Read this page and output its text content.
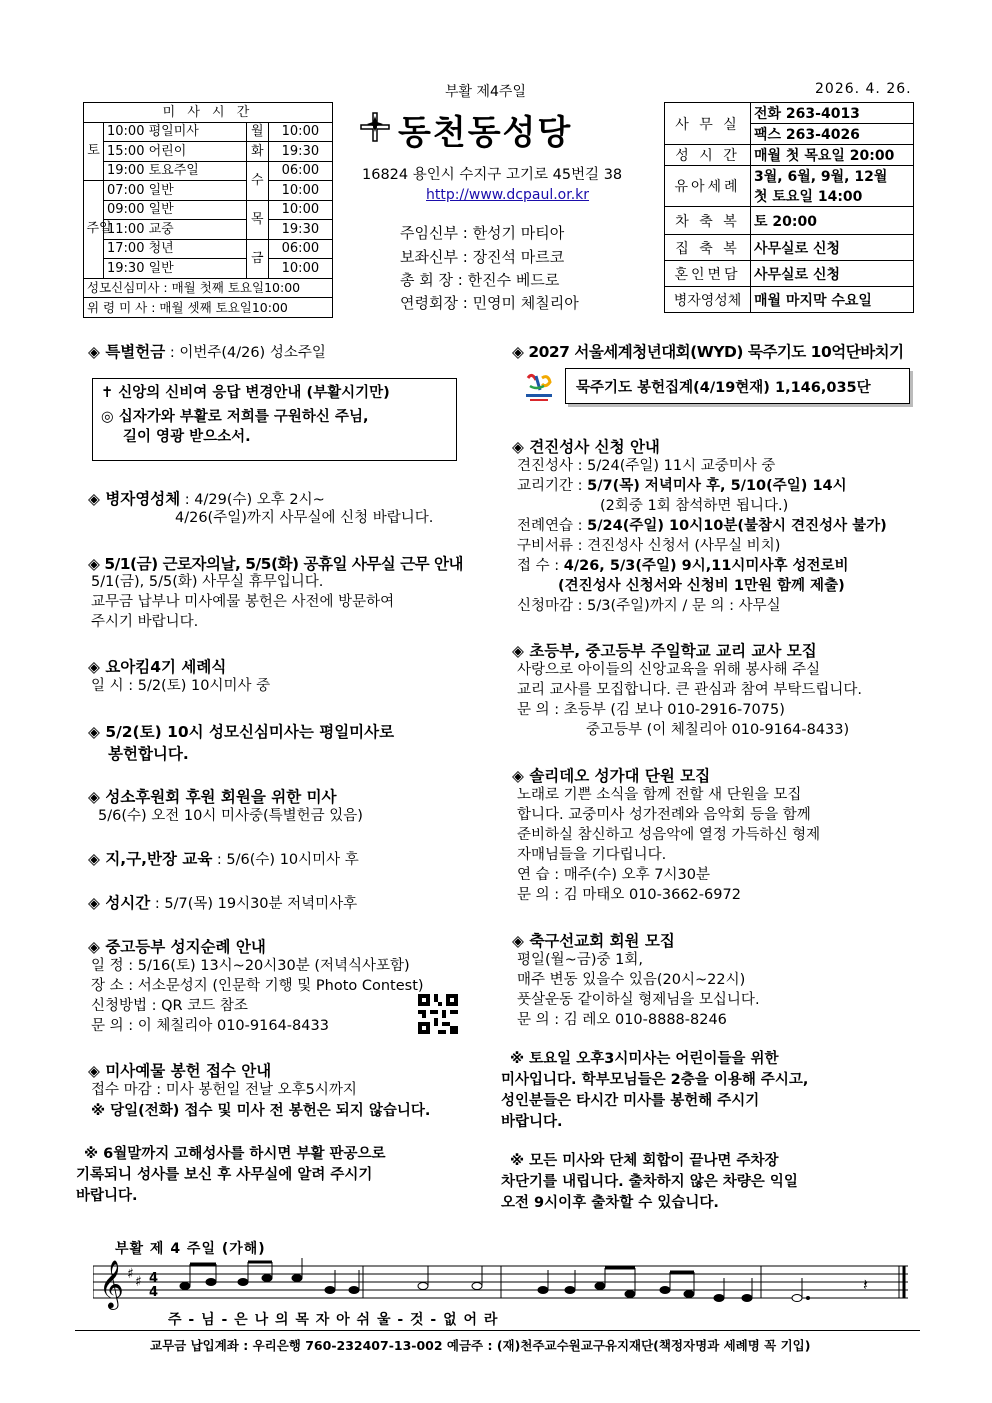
부활 제4주일	2026. 4. 26.
미 사 시 간			
토	10:00 평일미사	월	10:00
	15:00 어린이	화	19:30
	19:00 토요주일	수	06:00
주일	07:00 일반		10:00
	09:00 일반	목	10:00
	11:00 교중		19:30
	17:00 청년	금	06:00
	19:30 일반		10:00
성모신심미사 : 매월 첫째 토요일10:00			
위 령 미 사 : 매월 셋째 토요일10:00			
동천동성당
16824 용인시 수지구 고기로 45번길 38
http://www.dcpaul.or.kr
주임신부 : 한성기 마티아
보좌신부 : 장진석 마르코
총 회 장 : 한진수 베드로
연령회장 : 민영미 체칠리아
사 무 실	전화 263-4013
	팩스 263-4026
성 시 간	매월 첫 목요일 20:00
유아세례	3월, 6월, 9월, 12월
	첫 토요일 14:00
차 축 복	토 20:00
집 축 복	사무실로 신청
혼인면담	사무실로 신청
병자영성체	매월 마지막 수요일
◈ 특별헌금 : 이번주(4/26) 성소주일
✝ 신앙의 신비여 응답 변경안내 (부활시기만)
◎ 십자가와 부활로 저희를 구원하신 주님,
길이 영광 받으소서.
◈ 병자영성체 : 4/29(수) 오후 2시~
4/26(주일)까지 사무실에 신청 바랍니다.
◈ 5/1(금) 근로자의날, 5/5(화) 공휴일 사무실 근무 안내
5/1(금), 5/5(화) 사무실 휴무입니다.
교무금 납부나 미사예물 봉헌은 사전에 방문하여
주시기 바랍니다.
◈ 요아킴4기 세례식
일 시 : 5/2(토) 10시미사 중
◈ 5/2(토) 10시 성모신심미사는 평일미사로
봉헌합니다.
◈ 성소후원회 후원 회원을 위한 미사
5/6(수) 오전 10시 미사중(특별헌금 있음)
◈ 지,구,반장 교육 : 5/6(수) 10시미사 후
◈ 성시간 : 5/7(목) 19시30분 저녁미사후
◈ 중고등부 성지순례 안내
일 정 : 5/16(토) 13시~20시30분 (저녁식사포함)
장 소 : 서소문성지 (인문학 기행 및 Photo Contest)
신청방법 : QR 코드 참조
문 의 : 이 체칠리아 010-9164-8433
◈ 미사예물 봉헌 접수 안내
접수 마감 : 미사 봉헌일 전날 오후5시까지
※ 당일(전화) 접수 및 미사 전 봉헌은 되지 않습니다.
※ 6월말까지 고해성사를 하시면 부활 판공으로
기록되니 성사를 보신 후 사무실에 알려 주시기
바랍니다.
◈ 2027 서울세계청년대회(WYD) 묵주기도 10억단바치기
묵주기도 봉헌집계(4/19현재) 1,146,035단
◈ 견진성사 신청 안내
견진성사 : 5/24(주일) 11시 교중미사 중
교리기간 : 5/7(목) 저녁미사 후, 5/10(주일) 14시
(2회중 1회 참석하면 됩니다.)
전례연습 : 5/24(주일) 10시10분(불참시 견진성사 불가)
구비서류 : 견진성사 신청서 (사무실 비치)
접 수 : 4/26, 5/3(주일) 9시,11시미사후 성전로비
(견진성사 신청서와 신청비 1만원 함께 제출)
신청마감 : 5/3(주일)까지 / 문 의 : 사무실
◈ 초등부, 중고등부 주일학교 교리 교사 모집
사랑으로 아이들의 신앙교육을 위해 봉사해 주실
교리 교사를 모집합니다. 큰 관심과 참여 부탁드립니다.
문 의 : 초등부 (김 보나 010-2916-7075)
중고등부 (이 체칠리아 010-9164-8433)
◈ 솔리데오 성가대 단원 모집
노래로 기쁜 소식을 함께 전할 새 단원을 모집
합니다. 교중미사 성가전례와 음악회 등을 함께
준비하실 참신하고 성음악에 열정 가득하신 형제
자매님들을 기다립니다.
연 습 : 매주(수) 오후 7시30분
문 의 : 김 마태오 010-3662-6972
◈ 축구선교회 회원 모집
평일(월~금)중 1회,
매주 변동 있을수 있음(20시~22시)
풋살운동 같이하실 형제님을 모십니다.
문 의 : 김 레오 010-8888-8246
※ 토요일 오후3시미사는 어린이들을 위한
미사입니다. 학부모님들은 2층을 이용해 주시고,
성인분들은 타시간 미사를 봉헌해 주시기
바랍니다.
※ 모든 미사와 단체 회합이 끝나면 주차장
차단기를 내립니다. 출차하지 않은 차량은 익일
오전 9시이후 출차할 수 있습니다.
부활 제 4 주일 (가해)
𝄞 ♯ ♯ 4
4	𝄽
주 - 님 - 은 나 의 목 자 아 쉬 울 - 것 - 없 어 라
교무금 납입계좌 : 우리은행 760-232407-13-002 예금주 : (재)천주교수원교구유지재단(책정자명과 세례명 꼭 기입)
